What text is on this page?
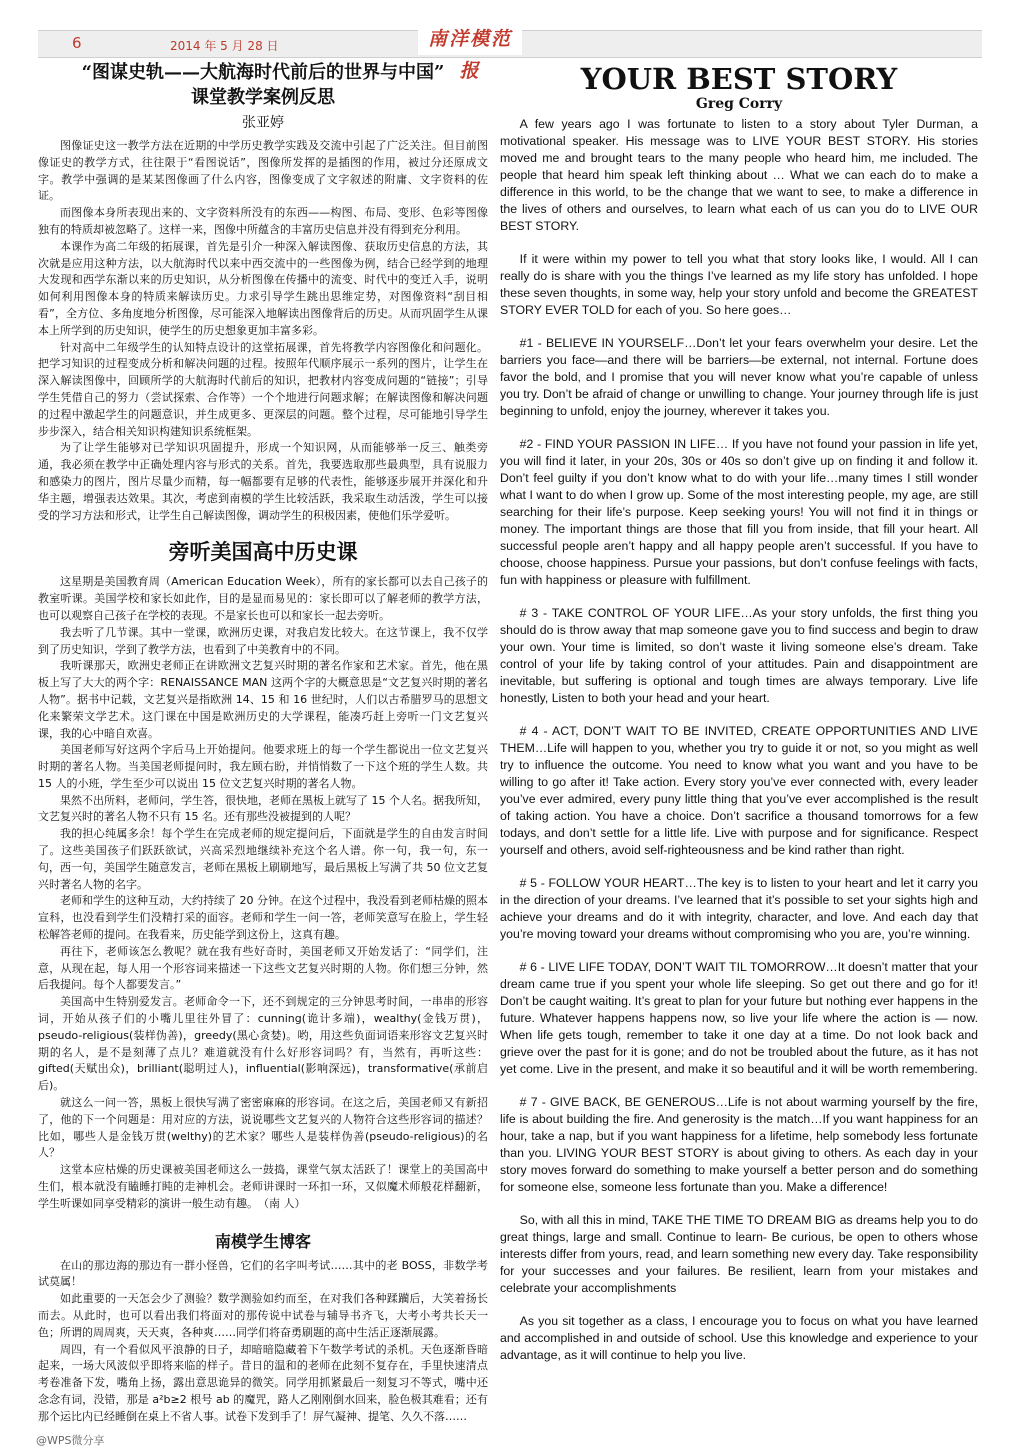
6	2014 年 5 月 28 日	南洋模范报

“图谋史轨——大航海时代前后的世界与中国”

课堂教学案例反思

张亚婷

图像证史这一教学方法在近期的中学历史教学实践及交流中引起了广泛关注。但目前图像证史的教学方式，往往限于“看图说话”，图像所发挥的是插图的作用，被过分还原成文字。教学中强调的是某某图像画了什么内容，图像变成了文字叙述的附庸、文字资料的佐证。

而图像本身所表现出来的、文字资料所没有的东西——构图、布局、变形、色彩等图像独有的特质却被忽略了。这样一来，图像中所蕴含的丰富历史信息并没有得到充分利用。

本课作为高二年级的拓展课，首先是引介一种深入解读图像、获取历史信息的方法，其次就是应用这种方法，以大航海时代以来中西交流中的一些图像为例，结合已经学到的地理大发现和西学东渐以来的历史知识，从分析图像在传播中的流变、时代中的变迁入手，说明如何利用图像本身的特质来解读历史。力求引导学生跳出思维定势，对图像资料“刮目相看”，全方位、多角度地分析图像，尽可能深入地解读出图像背后的历史。从而巩固学生从课本上所学到的历史知识，使学生的历史想象更加丰富多彩。

针对高中二年级学生的认知特点设计的这堂拓展课，首先将教学内容图像化和问题化。把学习知识的过程变成分析和解决问题的过程。按照年代顺序展示一系列的图片，让学生在深入解读图像中，回顾所学的大航海时代前后的知识，把教材内容变成问题的“链接”；引导学生凭借自己的努力（尝试探索、合作等）一个个地进行问题求解；在解读图像和解决问题的过程中激起学生的问题意识，并生成更多、更深层的问题。整个过程，尽可能地引导学生步步深入，结合相关知识构建知识系统框架。

为了让学生能够对已学知识巩固提升，形成一个知识网，从而能够举一反三、触类旁通，我必须在教学中正确处理内容与形式的关系。首先，我要选取那些最典型，具有说服力和感染力的图片，图片尽量少而精，每一幅都要有足够的代表性，能够逐步展开并深化和升华主题，增强表达效果。其次，考虑到南模的学生比较活跃，我采取生动活泼，学生可以接受的学习方法和形式，让学生自己解读图像，调动学生的积极因素，使他们乐学爱听。

旁听美国高中历史课

这星期是美国教育周（American Education Week），所有的家长都可以去自己孩子的教室听课。美国学校和家长如此作，目的是显而易见的：家长即可以了解老师的教学方法，也可以观察自己孩子在学校的表现。不是家长也可以和家长一起去旁听。

我去听了几节课。其中一堂课，欧洲历史课，对我启发比较大。在这节课上，我不仅学到了历史知识，学到了教学方法，也看到了中美教育中的不同。

我听课那天，欧洲史老师正在讲欧洲文艺复兴时期的著名作家和艺术家。首先，他在黑板上写了大大的两个字：RENAISSANCE MAN 这两个字的大概意思是“文艺复兴时期的著名人物”。据书中记载，文艺复兴是指欧洲 14、15 和 16 世纪时，人们以古希腊罗马的思想文化来繁荣文学艺术。这门课在中国是欧洲历史的大学课程，能凑巧赶上旁听一门文艺复兴课，我的心中暗自欢喜。

美国老师写好这两个字后马上开始提问。他要求班上的每一个学生都说出一位文艺复兴时期的著名人物。当美国老师提问时，我左顾右盼，并悄悄数了一下这个班的学生人数。共 15 人的小班，学生至少可以说出 15 位文艺复兴时期的著名人物。

果然不出所料，老师问，学生答，很快地，老师在黑板上就写了 15 个人名。据我所知，文艺复兴时的著名人物不只有 15 名。还有那些没被提到的人呢？

我的担心纯属多余！每个学生在完成老师的规定提问后，下面就是学生的自由发言时间了。这些美国孩子们跃跃欲试，兴高采烈地继续补充这个名人谱。你一句，我一句，东一句，西一句，美国学生随意发言，老师在黑板上刷刷地写，最后黑板上写满了共 50 位文艺复兴时著名人物的名字。

老师和学生的这种互动，大约持续了 20 分钟。在这个过程中，我没看到老师枯燥的照本宣科，也没看到学生们没精打采的面容。老师和学生一问一答，老师笑意写在脸上，学生轻松解答老师的提问。在我看来，历史能学到这份上，这真有趣。

再往下，老师该怎么教呢？就在我有些好奇时，美国老师又开始发话了：“同学们，注意，从现在起，每人用一个形容词来描述一下这些文艺复兴时期的人物。你们想三分钟，然后我提问。每个人都要发言。”

美国高中生特别爱发言。老师命令一下，还不到规定的三分钟思考时间，一串串的形容词，开始从孩子们的小嘴儿里往外冒了：cunning(诡计多端)，wealthy(金钱万贯)，pseudo-religious(装样伪善)，greedy(黑心贪婪)。哟，用这些负面词语来形容文艺复兴时期的名人，是不是刻薄了点儿？难道就没有什么好形容词吗？有，当然有，再听这些：gifted(天赋出众)，brilliant(聪明过人)，influential(影响深远)，transformative(承前启后)。

就这么一问一答，黑板上很快写满了密密麻麻的形容词。在这之后，美国老师又有新招了，他的下一个问题是：用对应的方法，说说哪些文艺复兴的人物符合这些形容词的描述？比如，哪些人是金钱万贯(welthy)的艺术家？哪些人是装样伪善(pseudo-religious)的名人？

这堂本应枯燥的历史课被美国老师这么一鼓捣，课堂气氛太活跃了！课堂上的美国高中生们，根本就没有瞌睡打盹的走神机会。老师讲课时一环扣一环，又似魔术师般花样翻新，学生听课如同享受精彩的演讲一般生动有趣。　（南 人）

南模学生博客

在山的那边海的那边有一群小怪兽，它们的名字叫考试……其中的老 BOSS，非数学考试莫属！

如此重要的一天怎会少了测验？数学测验如约而至，在对我们各种蹂躏后，大笑着扬长而去。从此时，也可以看出我们将面对的那传说中试卷与辅导书齐飞，大考小考共长天一色；所谓的周周爽，天天爽，各种爽……同学们将奋勇刷题的高中生活正逐渐展露。

周四，有一个看似风平浪静的日子，却暗暗隐藏着下午数学考试的杀机。天色逐渐昏暗起来，一场大风波似乎即将来临的样子。昔日的温和的老师在此刻不复存在，手里快速清点考卷准备下发，嘴角上扬，露出意思诡异的微笑。同学用抓紧最后一刻复习不等式，嘴中还念念有词，没错，那是 a²b≥2 根号 ab 的魔咒，路人乙刚刚倒水回来，脸色极其难看；还有那个运比内已经睡倒在桌上不省人事。试卷下发到手了！屏气凝神、提笔、久久不落……

YOUR BEST STORY

Greg Corry

A few years ago I was fortunate to listen to a story about Tyler Durman, a motivational speaker. His message was to LIVE YOUR BEST STORY. His stories moved me and brought tears to the many people who heard him, me included. The people that heard him speak left thinking about … What we can each do to make a difference in this world, to be the change that we want to see, to make a difference in the lives of others and ourselves, to learn what each of us can you do to LIVE OUR BEST STORY.

If it were within my power to tell you what that story looks like, I would. All I can really do is share with you the things I’ve learned as my life story has unfolded. I hope these seven thoughts, in some way, help your story unfold and become the GREATEST STORY EVER TOLD for each of you. So here goes…

#1 - BELIEVE IN YOURSELF…Don’t let your fears overwhelm your desire. Let the barriers you face—and there will be barriers—be external, not internal. Fortune does favor the bold, and I promise that you will never know what you’re capable of unless you try. Don’t be afraid of change or unwilling to change. Your journey through life is just beginning to unfold, enjoy the journey, wherever it takes you.

#2 - FIND YOUR PASSION IN LIFE… If you have not found your passion in life yet, you will find it later, in your 20s, 30s or 40s so don’t give up on finding it and follow it. Don’t feel guilty if you don’t know what to do with your life…many times I still wonder what I want to do when I grow up. Some of the most interesting people, my age, are still searching for their life’s purpose. Keep seeking yours! You will not find it in things or money. The important things are those that fill you from inside, that fill your heart. All successful people aren’t happy and all happy people aren’t successful. If you have to choose, choose happiness. Pursue your passions, but don’t confuse feelings with facts, fun with happiness or pleasure with fulfillment.

# 3 - TAKE CONTROL OF YOUR LIFE…As your story unfolds, the first thing you should do is throw away that map someone gave you to find success and begin to draw your own. Your time is limited, so don’t waste it living someone else’s dream. Take control of your life by taking control of your attitudes. Pain and disappointment are inevitable, but suffering is optional and tough times are always temporary. Live life honestly, Listen to both your head and your heart.

# 4 - ACT, DON’T WAIT TO BE INVITED, CREATE OPPORTUNITIES AND LIVE THEM…Life will happen to you, whether you try to guide it or not, so you might as well try to influence the outcome. You need to know what you want and you have to be willing to go after it! Take action. Every story you’ve ever connected with, every leader you’ve ever admired, every puny little thing that you’ve ever accomplished is the result of taking action. You have a choice. Don’t sacrifice a thousand tomorrows for a few todays, and don’t settle for a little life. Live with purpose and for significance. Respect yourself and others, avoid self-righteousness and be kind rather than right.

# 5 - FOLLOW YOUR HEART…The key is to listen to your heart and let it carry you in the direction of your dreams. I’ve learned that it’s possible to set your sights high and achieve your dreams and do it with integrity, character, and love. And each day that you’re moving toward your dreams without compromising who you are, you’re winning.

# 6 - LIVE LIFE TODAY, DON’T WAIT TIL TOMORROW…It doesn’t matter that your dream came true if you spent your whole life sleeping. So get out there and go for it! Don’t be caught waiting. It’s great to plan for your future but nothing ever happens in the future. Whatever happens happens now, so live your life where the action is — now. When life gets tough, remember to take it one day at a time. Do not look back and grieve over the past for it is gone; and do not be troubled about the future, as it has not yet come. Live in the present, and make it so beautiful and it will be worth remembering.

# 7 - GIVE BACK, BE GENEROUS…Life is not about warming yourself by the fire, life is about building the fire. And generosity is the match…If you want happiness for an hour, take a nap, but if you want happiness for a lifetime, help somebody less fortunate than you. LIVING YOUR BEST STORY is about giving to others. As each day in your story moves forward do something to make yourself a better person and do something for someone else, someone less fortunate than you. Make a difference!

So, with all this in mind, TAKE THE TIME TO DREAM BIG as dreams help you to do great things, large and small. Continue to learn- Be curious, be open to others whose interests differ from yours, read, and learn something new every day. Take responsibility for your successes and your failures. Be resilient, learn from your mistakes and celebrate your accomplishments

As you sit together as a class, I encourage you to focus on what you have learned and accomplished in and outside of school. Use this knowledge and experience to your advantage, as it will continue to help you live.

@WPS微分享
